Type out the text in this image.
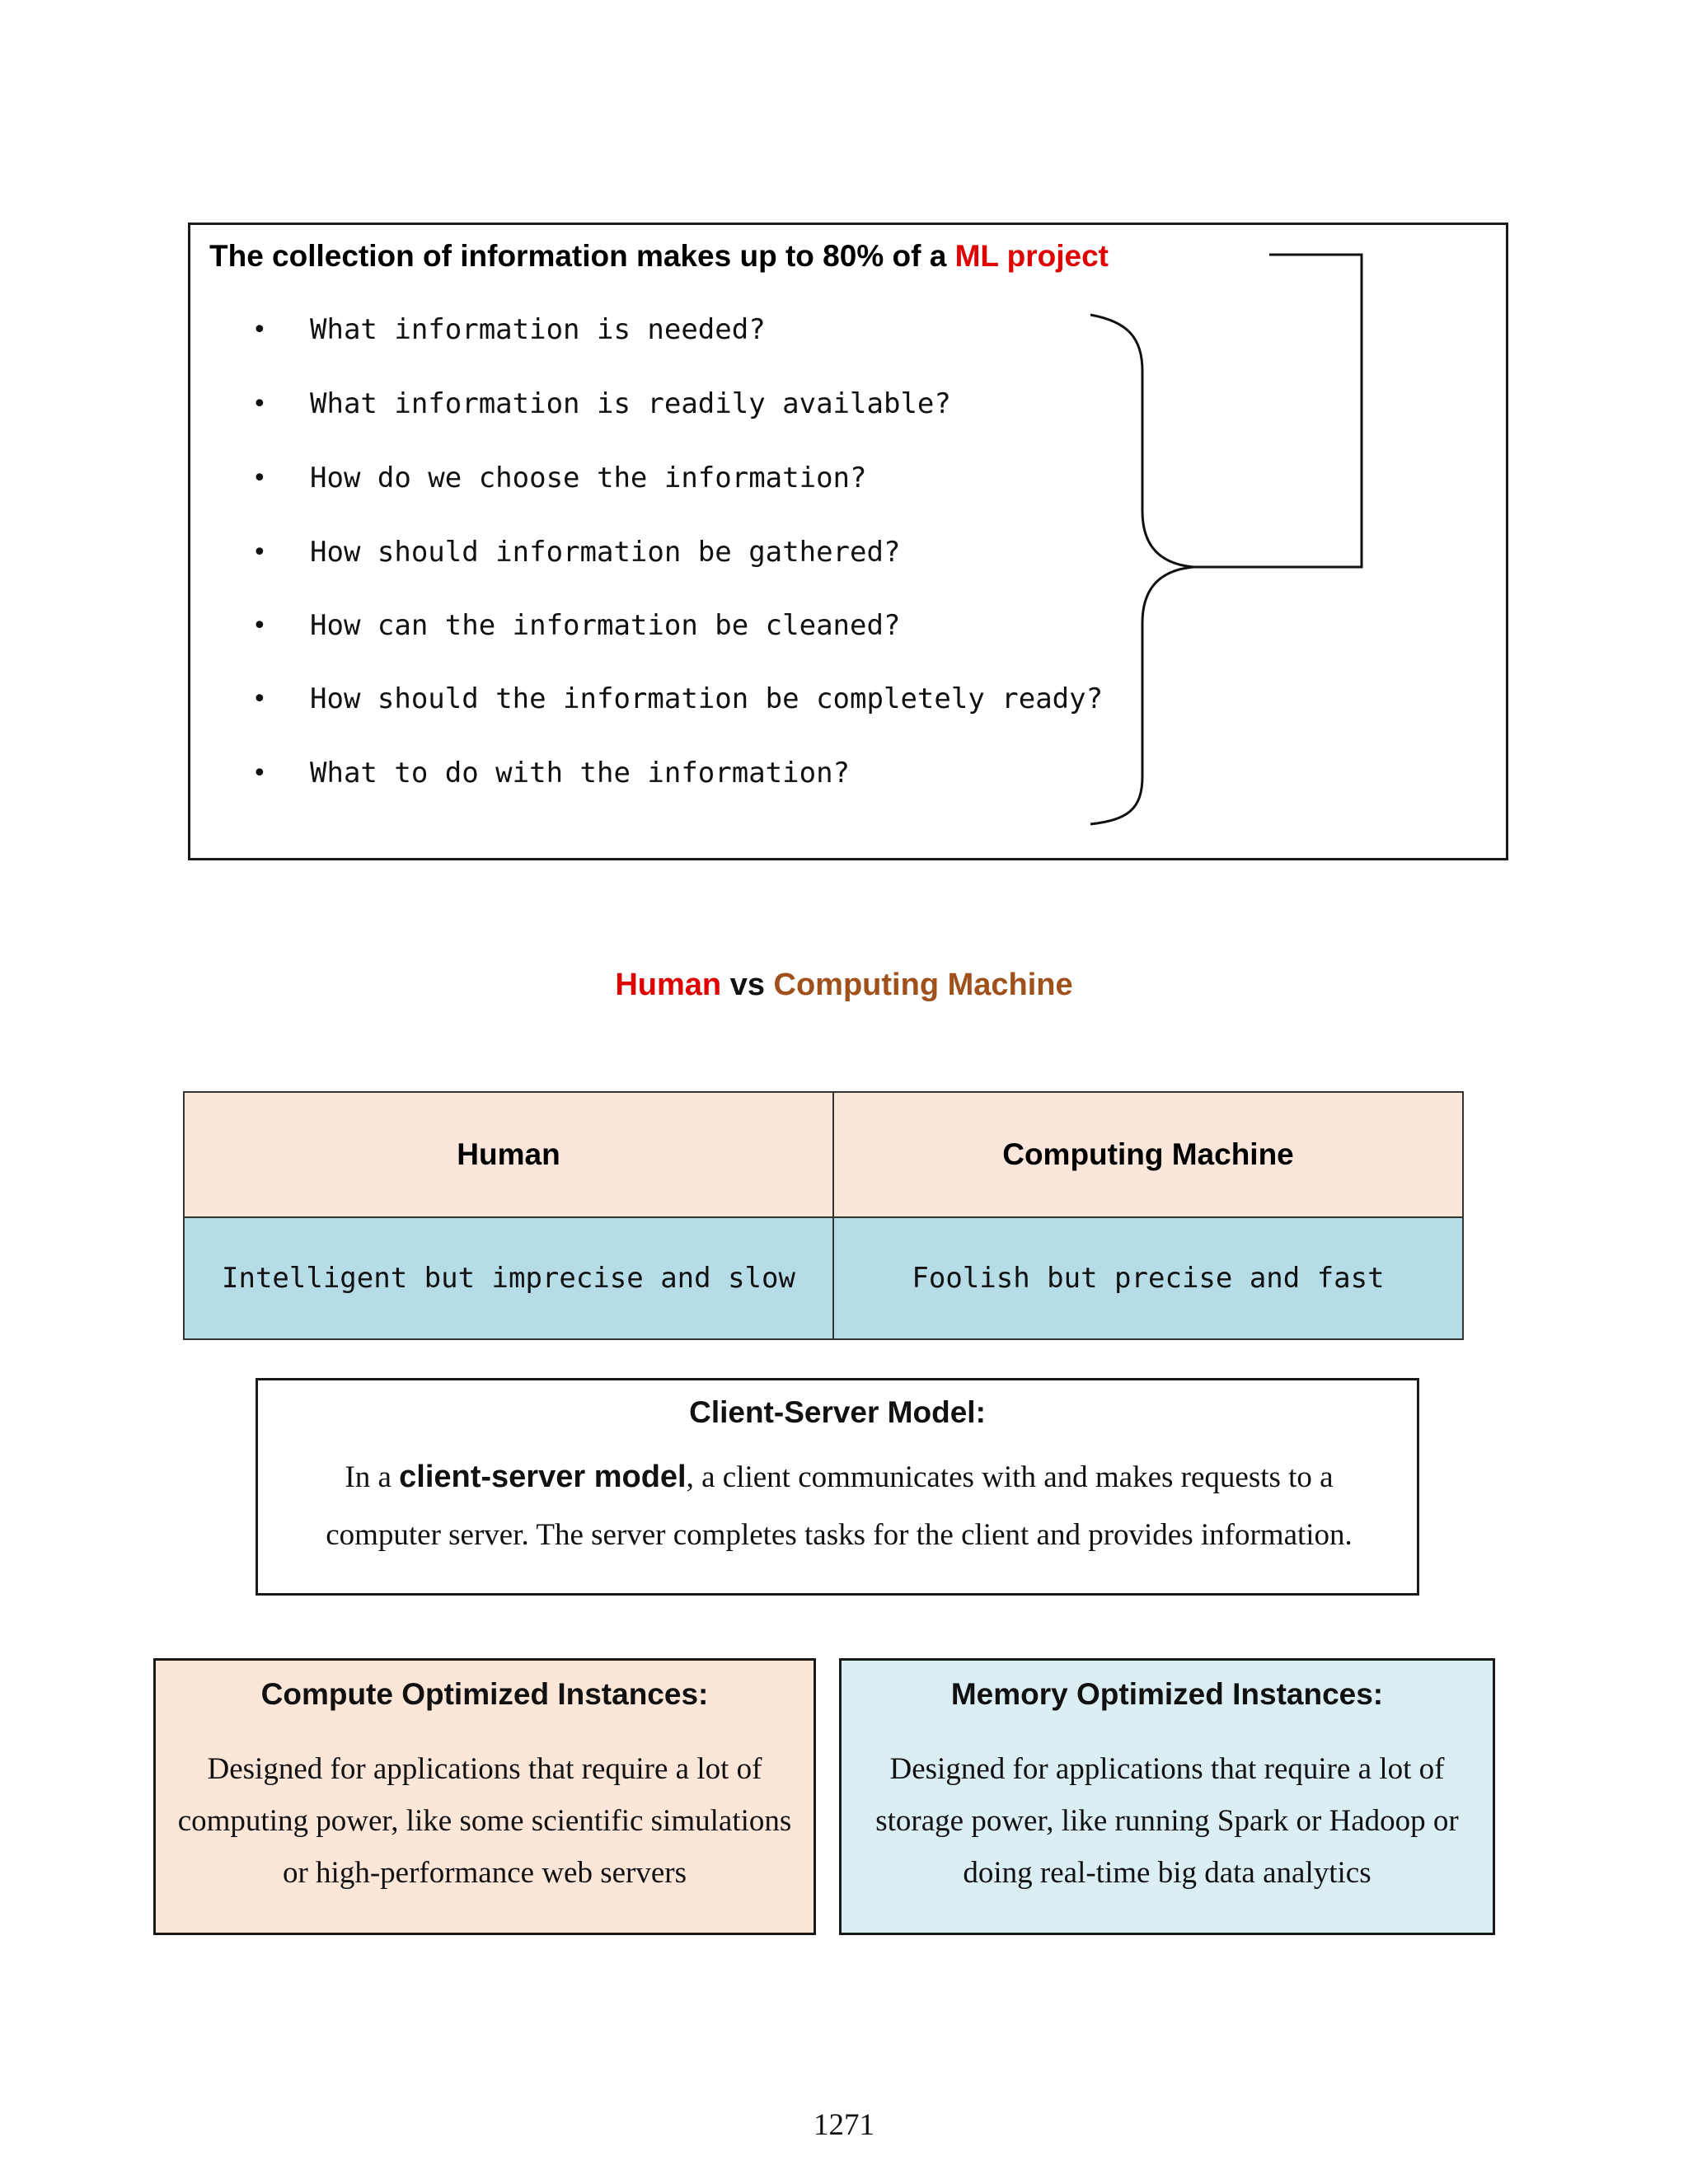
The collection of information makes up to 80% of a ML project
•	What information is needed?
•	What information is readily available?
•	How do we choose the information?
•	How should information be gathered?
•	How can the information be cleaned?
•	How should the information be completely ready?
•	What to do with the information?
Human vs Computing Machine
Human	Computing Machine
Intelligent but imprecise and slow	Foolish but precise and fast
Client-Server Model:
In a client-server model, a client communicates with and makes requests to a computer server. The server completes tasks for the client and provides information.
Compute Optimized Instances:
Designed for applications that require a lot of computing power, like some scientific simulations or high-performance web servers
Memory Optimized Instances:
Designed for applications that require a lot of storage power, like running Spark or Hadoop or doing real-time big data analytics
1271
